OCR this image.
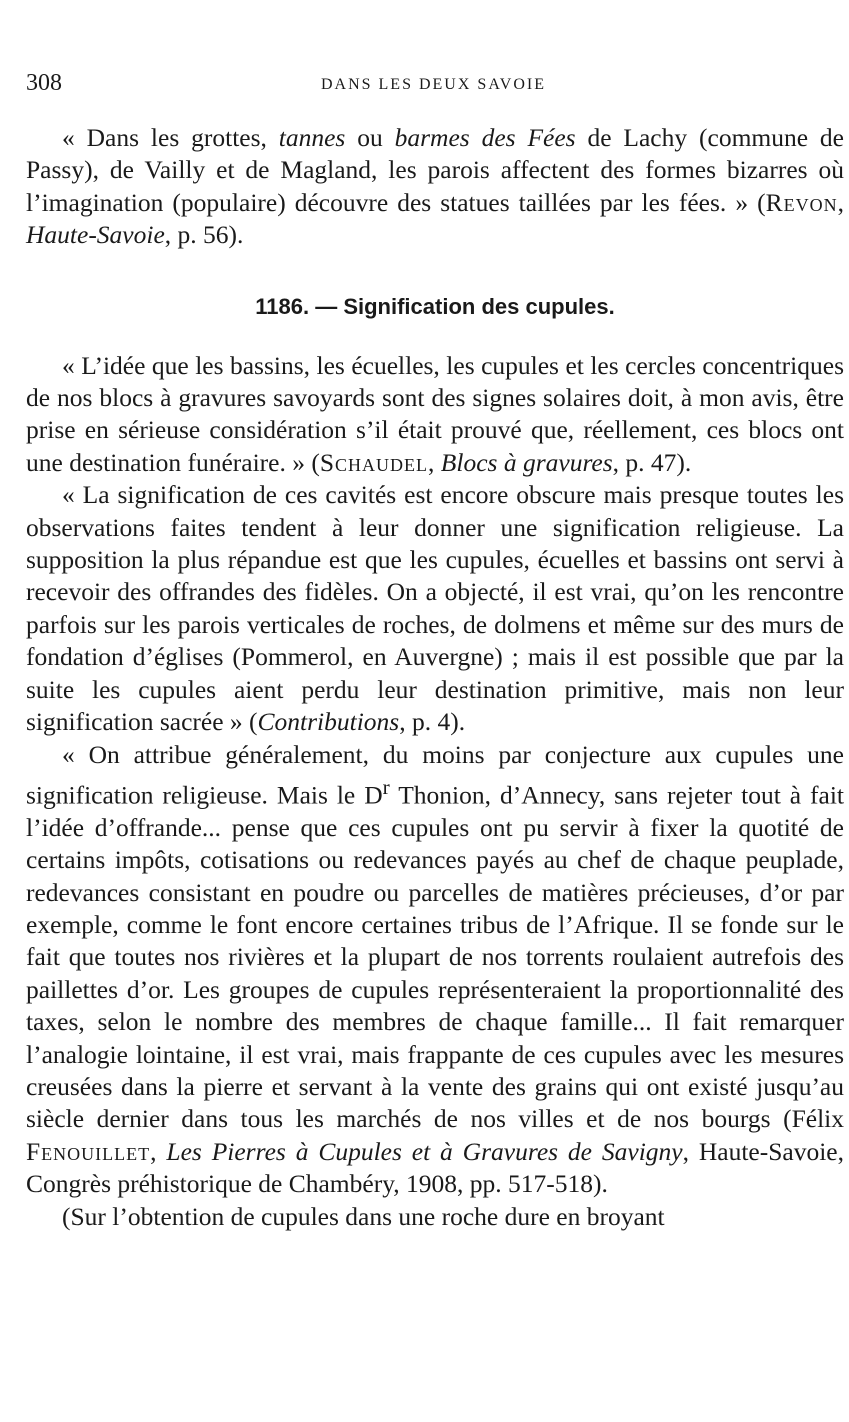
308	DANS LES DEUX SAVOIE

« Dans les grottes, tannes ou barmes des Fées de Lachy (commune de Passy), de Vailly et de Magland, les parois affectent des formes bizarres où l’imagination (populaire) découvre des statues taillées par les fées. » (Revon, Haute-Savoie, p. 56).

1186. — Signification des cupules.

« L’idée que les bassins, les écuelles, les cupules et les cercles concentriques de nos blocs à gravures savoyards sont des signes solaires doit, à mon avis, être prise en sérieuse considération s’il était prouvé que, réellement, ces blocs ont une destination funéraire. » (Schaudel, Blocs à gravures, p. 47).

« La signification de ces cavités est encore obscure mais presque toutes les observations faites tendent à leur donner une signification religieuse. La supposition la plus répandue est que les cupules, écuelles et bassins ont servi à recevoir des offrandes des fidèles. On a objecté, il est vrai, qu’on les rencontre parfois sur les parois verticales de roches, de dolmens et même sur des murs de fondation d’églises (Pommerol, en Auvergne) ; mais il est possible que par la suite les cupules aient perdu leur destination primitive, mais non leur signification sacrée » (Contributions, p. 4).

« On attribue généralement, du moins par conjecture aux cupules une signification religieuse. Mais le $D^r$ Thonion, d’Annecy, sans rejeter tout à fait l’idée d’offrande... pense que ces cupules ont pu servir à fixer la quotité de certains impôts, cotisations ou redevances payés au chef de chaque peuplade, redevances consistant en poudre ou parcelles de matières précieuses, d’or par exemple, comme le font encore certaines tribus de l’Afrique. Il se fonde sur le fait que toutes nos rivières et la plupart de nos torrents roulaient autrefois des paillettes d’or. Les groupes de cupules représenteraient la proportionnalité des taxes, selon le nombre des membres de chaque famille... Il fait remarquer l’analogie lointaine, il est vrai, mais frappante de ces cupules avec les mesures creusées dans la pierre et servant à la vente des grains qui ont existé jusqu’au siècle dernier dans tous les marchés de nos villes et de nos bourgs (Félix Fenouillet, Les Pierres à Cupules et à Gravures de Savigny, Haute-Savoie, Congrès préhistorique de Chambéry, 1908, pp. 517-518).

(Sur l’obtention de cupules dans une roche dure en broyant
